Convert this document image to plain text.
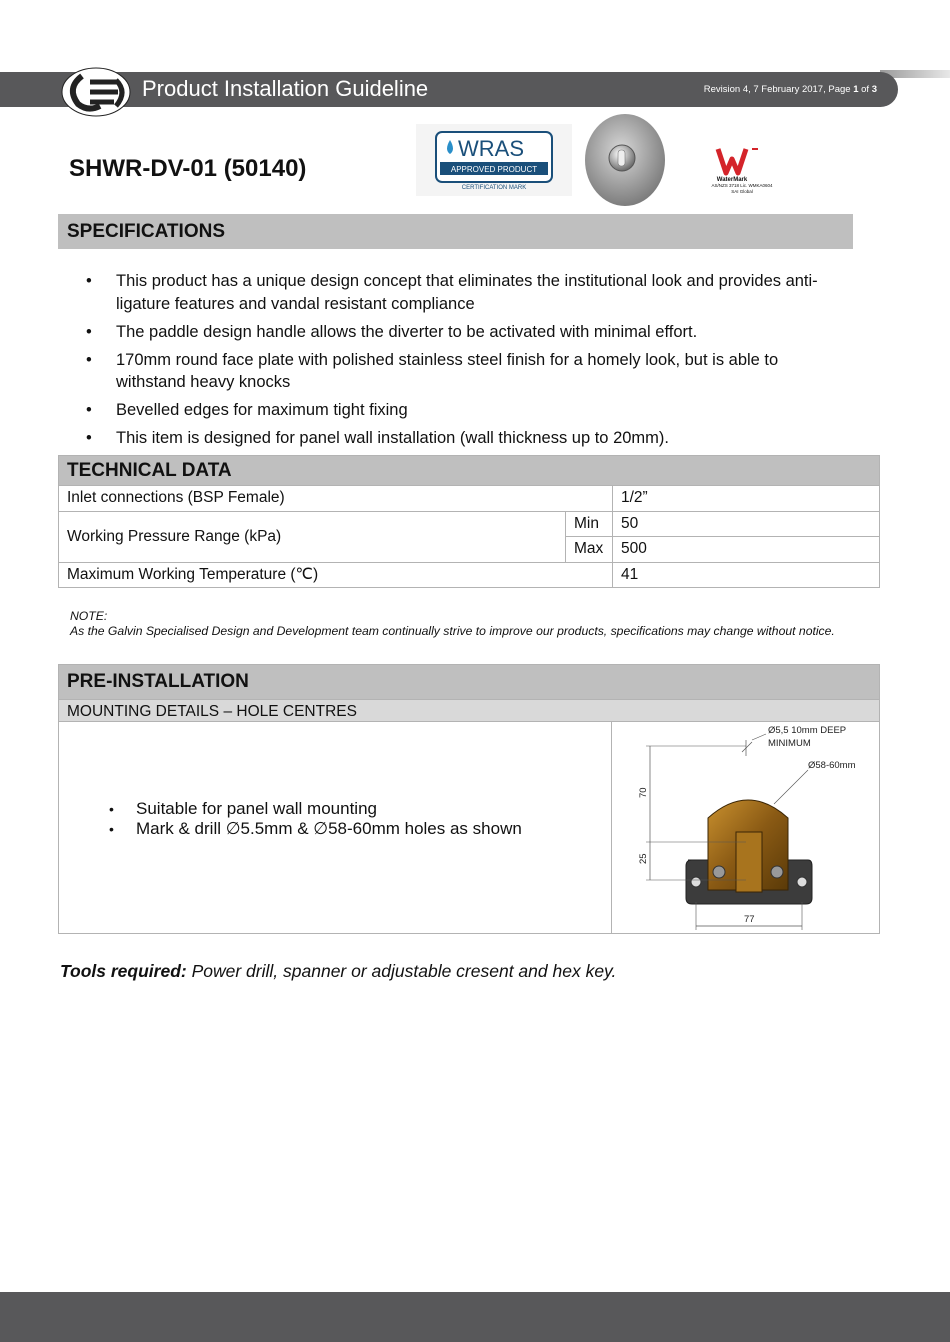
Product Installation Guideline	Revision 4, 7 February 2017, Page 1 of 3
SHWR-DV-01 (50140)
WRAS
APPROVED PRODUCT
CERTIFICATION MARK
WaterMark
AS/NZS 3718 Lic. WMKA0604
SAI Global
SPECIFICATIONS
• This product has a unique design concept that eliminates the institutional look and provides anti-ligature features and vandal resistant compliance
• The paddle design handle allows the diverter to be activated with minimal effort.
• 170mm round face plate with polished stainless steel finish for a homely look, but is able to withstand heavy knocks
• Bevelled edges for maximum tight fixing
• This item is designed for panel wall installation (wall thickness up to 20mm).
TECHNICAL DATA		
Inlet connections (BSP Female)		1/2”
Working Pressure Range (kPa)	Min	50
	Max	500
Maximum Working Temperature (℃)		41
NOTE:
As the Galvin Specialised Design and Development team continually strive to improve our products, specifications may change without notice.
PRE-INSTALLATION
MOUNTING DETAILS – HOLE CENTRES
• Suitable for panel wall mounting
• Mark & drill ∅5.5mm & ∅58-60mm holes as shown
Ø5,5 10mm DEEP
MINIMUM
Ø58-60mm
70
25
77
Tools required: Power drill, spanner or adjustable cresent and hex key.
